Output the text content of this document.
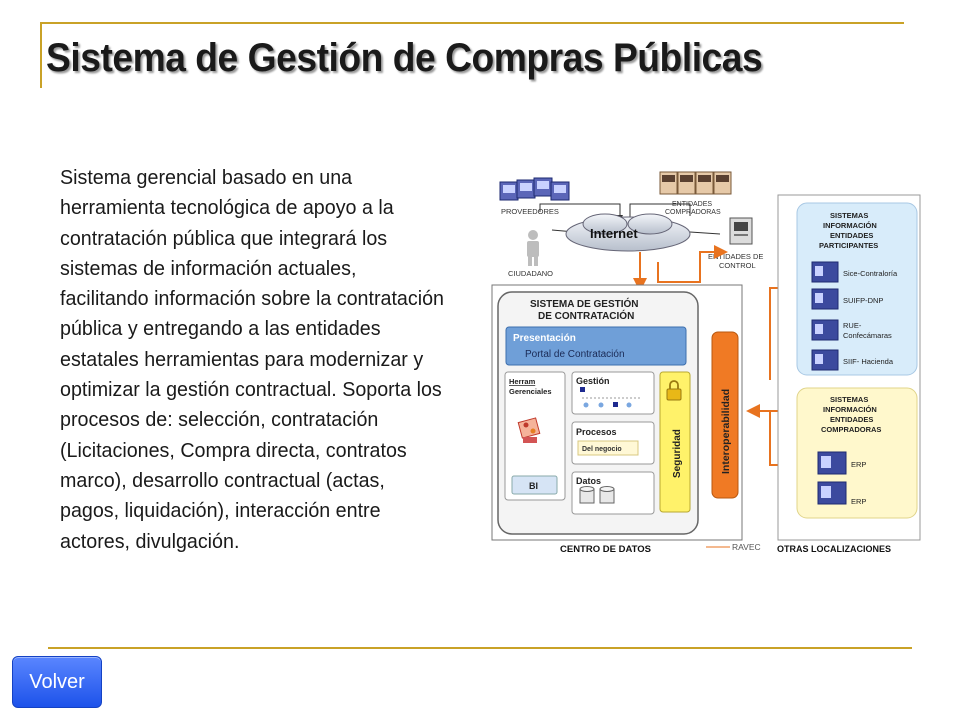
Sistema de Gestión de Compras Públicas

Sistema gerencial basado en una herramienta tecnológica de apoyo a la contratación pública que integrará los sistemas de información actuales, facilitando información sobre la contratación pública y entregando a las entidades estatales herramientas para modernizar y optimizar la gestión contractual. Soporta los procesos de: selección, contratación (Licitaciones, Compra directa, contratos marco), desarrollo contractual (actas, pagos, liquidación), interacción entre actores, divulgación.

PROVEEDORES
ENTIDADES
COMPRADORAS
Internet
CIUDADANO
ENTIDADES DE
CONTROL
SISTEMA DE GESTIÓN
DE CONTRATACIÓN
Presentación
Portal de Contratación
Herram
Gerenciales
BI
Gestión
Procesos
Del negocio
Datos
Seguridad	Interoperabilidad
SISTEMAS
INFORMACIÓN
ENTIDADES
PARTICIPANTES
Sice-Contraloría
SUIFP-DNP
RUE-
Confecámaras
SIIF- Hacienda
SISTEMAS
INFORMACIÓN
ENTIDADES
COMPRADORAS
ERP
ERP
CENTRO DE DATOS	RAVEC OTRAS LOCALIZACIONES
Volver
